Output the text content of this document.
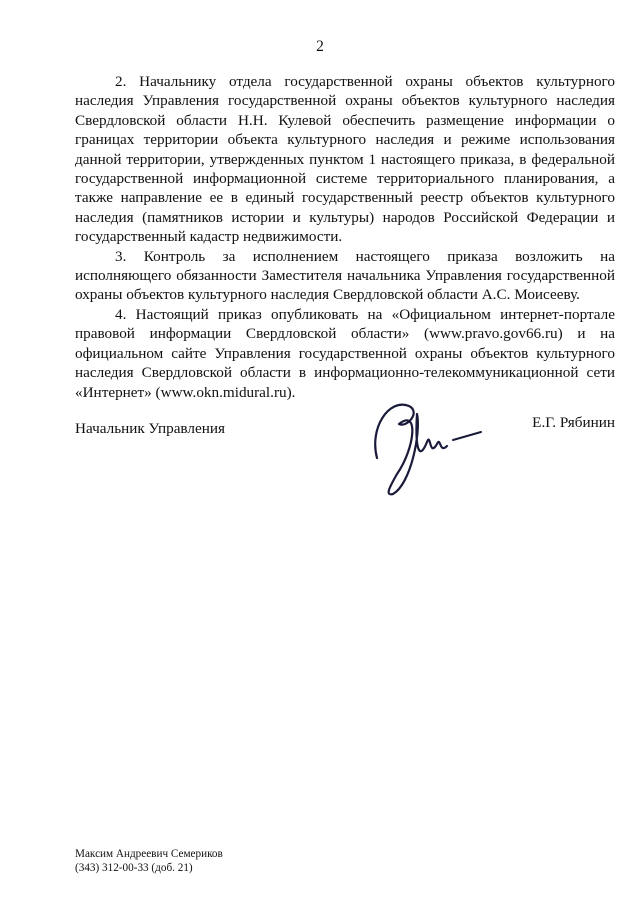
2

2. Начальнику отдела государственной охраны объектов культурного наследия Управления государственной охраны объектов культурного наследия Свердловской области Н.Н. Кулевой обеспечить размещение информации о границах территории объекта культурного наследия и режиме использования данной территории, утвержденных пунктом 1 настоящего приказа, в федеральной государственной информационной системе территориального планирования, а также направление ее в единый государственный реестр объектов культурного наследия (памятников истории и культуры) народов Российской Федерации и государственный кадастр недвижимости.

3. Контроль за исполнением настоящего приказа возложить на исполняющего обязанности Заместителя начальника Управления государственной охраны объектов культурного наследия Свердловской области А.С. Моисееву.

4. Настоящий приказ опубликовать на «Официальном интернет-портале правовой информации Свердловской области» (www.pravo.gov66.ru) и на официальном сайте Управления государственной охраны объектов культурного наследия Свердловской области в информационно-телекоммуникационной сети «Интернет» (www.okn.midural.ru).

Начальник Управления	Е.Г. Рябинин
Максим Андреевич Семериков
(343) 312-00-33 (доб. 21)
